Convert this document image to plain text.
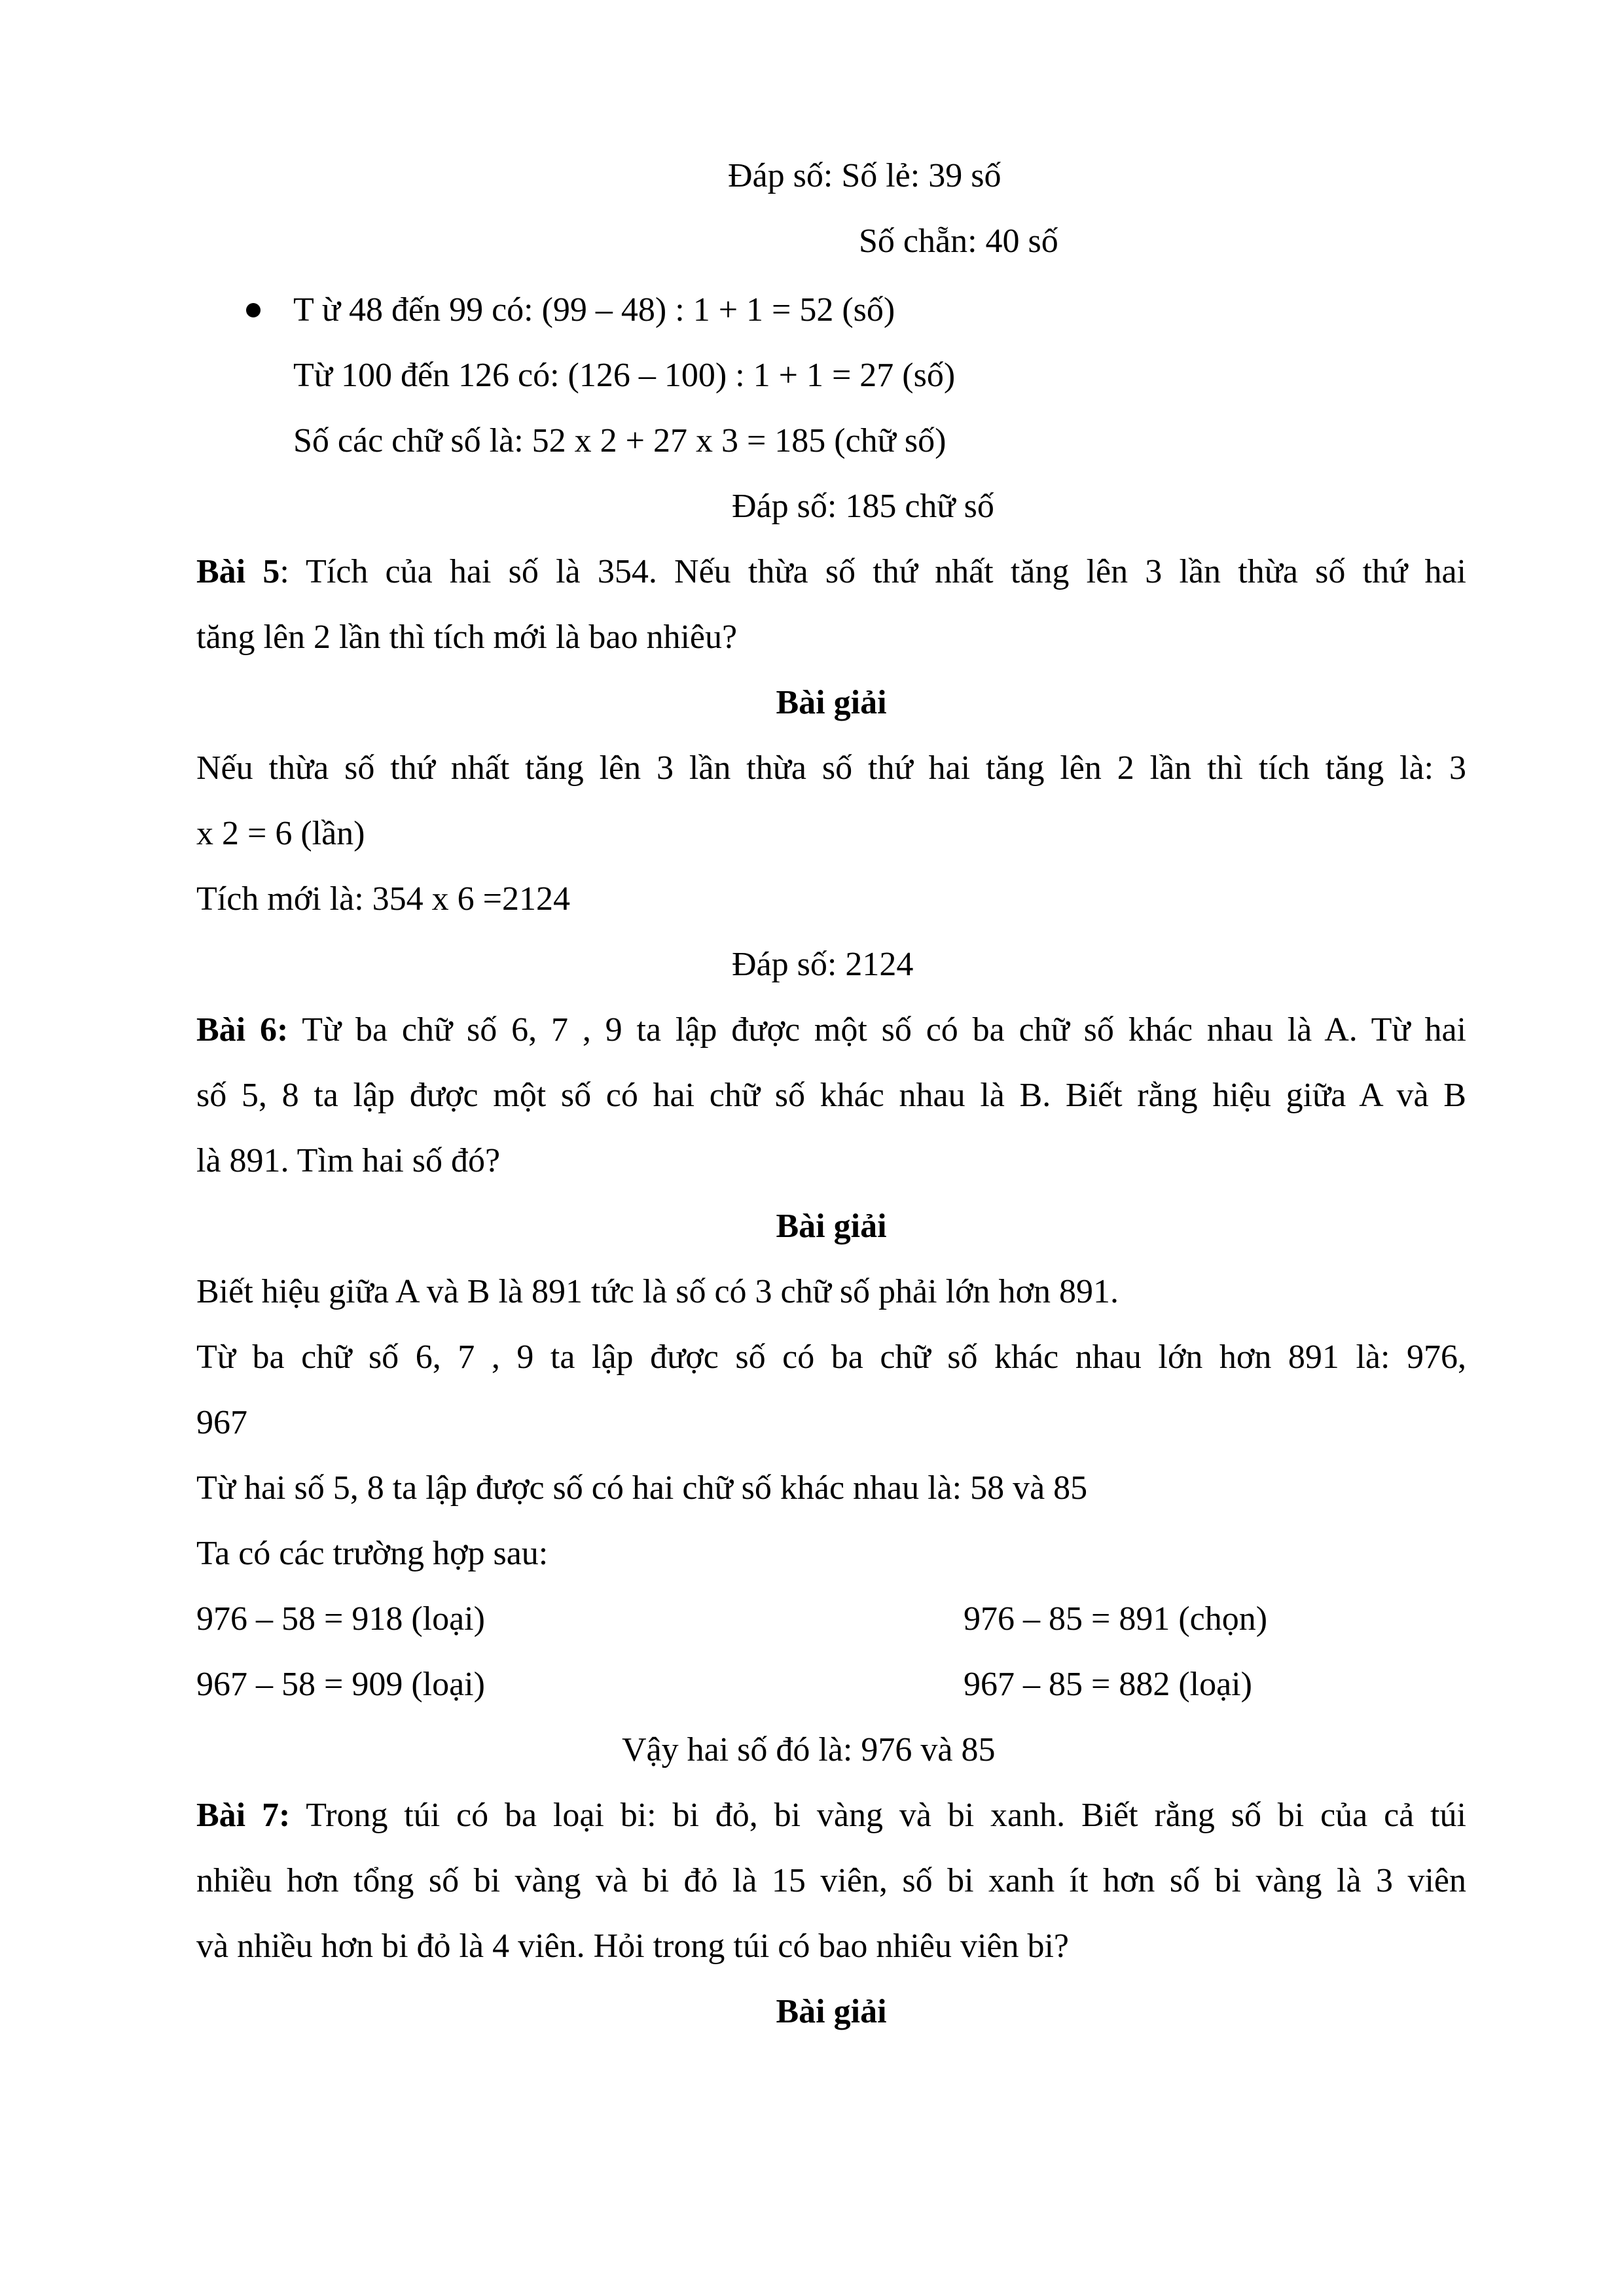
Đáp số: Số lẻ: 39 số
Số chẵn: 40 số
T ừ 48 đến 99 có: (99 – 48) : 1 + 1 = 52 (số)
Từ 100 đến 126 có: (126 – 100) : 1 + 1 = 27 (số)
Số các chữ số là: 52 x 2 + 27 x 3 = 185 (chữ số)
Đáp số: 185 chữ số
Bài 5: Tích của hai số là 354. Nếu thừa số thứ nhất tăng lên 3 lần thừa số thứ hai
tăng lên 2 lần thì tích mới là bao nhiêu?
Bài giải
Nếu thừa số thứ nhất tăng lên 3 lần thừa số thứ hai tăng lên 2 lần thì tích tăng là: 3
x 2 = 6 (lần)
Tích mới là: 354 x 6 =2124
Đáp số: 2124
Bài 6: Từ ba chữ số 6, 7 , 9 ta lập được một số có ba chữ số khác nhau là A. Từ hai
số 5, 8 ta lập được một số có hai chữ số khác nhau là B. Biết rằng hiệu giữa A và B
là 891. Tìm hai số đó?
Bài giải
Biết hiệu giữa A và B là 891 tức là số có 3 chữ số phải lớn hơn 891.
Từ ba chữ số 6, 7 , 9 ta lập được số có ba chữ số khác nhau lớn hơn 891 là: 976,
967
Từ hai số 5, 8 ta lập được số có hai chữ số khác nhau là: 58 và 85
Ta có các trường hợp sau:
976 – 58 = 918 (loại)	976 – 85 = 891 (chọn)
967 – 58 = 909 (loại)	967 – 85 = 882 (loại)
Vậy hai số đó là: 976 và 85
Bài 7: Trong túi có ba loại bi: bi đỏ, bi vàng và bi xanh. Biết rằng số bi của cả túi
nhiều hơn tổng số bi vàng và bi đỏ là 15 viên, số bi xanh ít hơn số bi vàng là 3 viên
và nhiều hơn bi đỏ là 4 viên. Hỏi trong túi có bao nhiêu viên bi?
Bài giải
